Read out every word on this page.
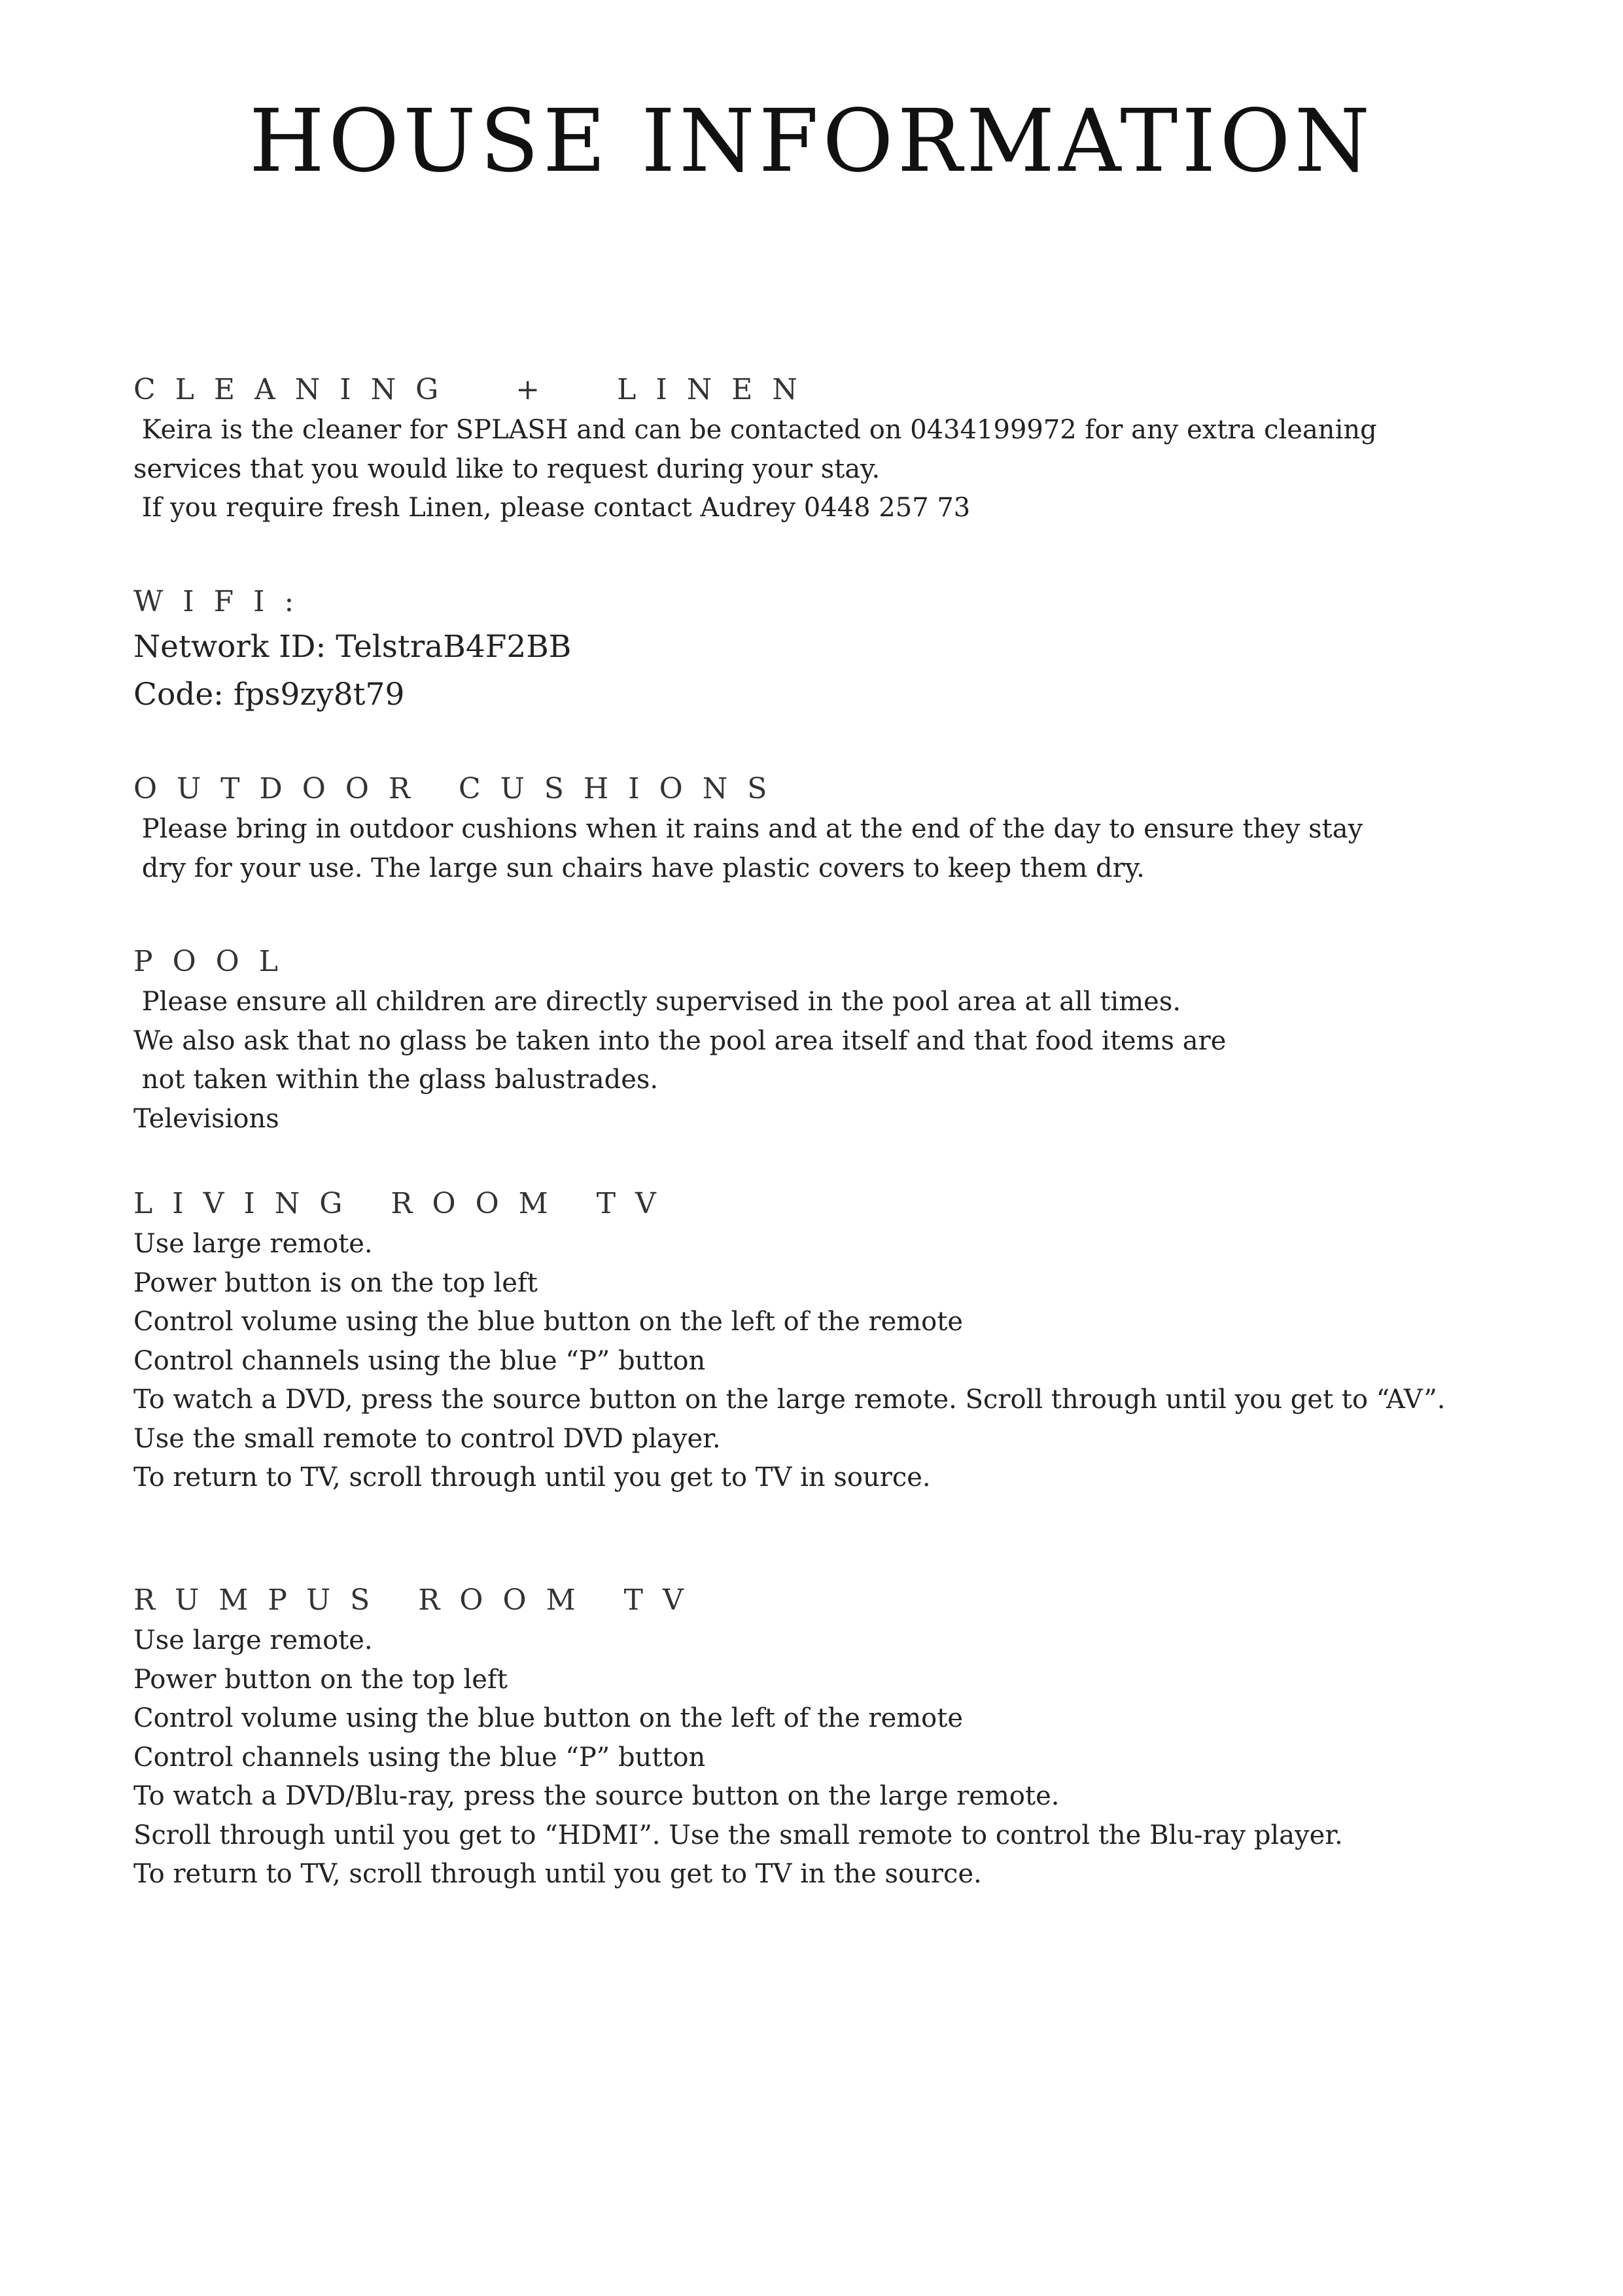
HOUSE INFORMATION

CLEANING  +  LINEN

Keira is the cleaner for SPLASH and can be contacted on 0434199972 for any extra cleaning

services that you would like to request during your stay.

If you require fresh Linen, please contact Audrey 0448 257 73

WIFI:

Network ID: TelstraB4F2BB

Code: fps9zy8t79

OUTDOOR CUSHIONS

Please bring in outdoor cushions when it rains and at the end of the day to ensure they stay

dry for your use. The large sun chairs have plastic covers to keep them dry.

POOL

Please ensure all children are directly supervised in the pool area at all times.

We also ask that no glass be taken into the pool area itself and that food items are

not taken within the glass balustrades.

Televisions

LIVING ROOM TV

Use large remote.

Power button is on the top left

Control volume using the blue button on the left of the remote

Control channels using the blue “P” button

To watch a DVD, press the source button on the large remote. Scroll through until you get to “AV”.

Use the small remote to control DVD player.

To return to TV, scroll through until you get to TV in source.

RUMPUS ROOM TV

Use large remote.

Power button on the top left

Control volume using the blue button on the left of the remote

Control channels using the blue “P” button

To watch a DVD/Blu-ray, press the source button on the large remote.

Scroll through until you get to “HDMI”. Use the small remote to control the Blu-ray player.

To return to TV, scroll through until you get to TV in the source.
